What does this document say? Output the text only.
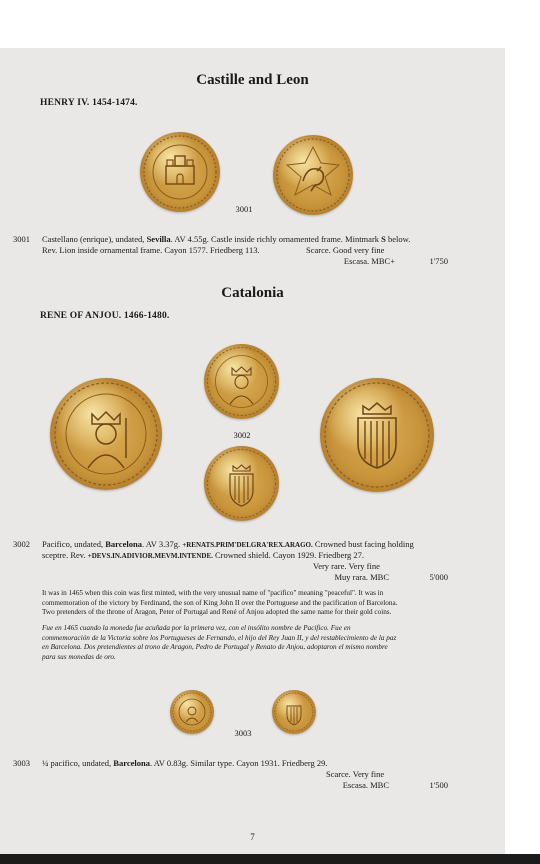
Castille and Leon
HENRY IV. 1454-1474.
3001
3001 Castellano (enrique), undated, Sevilla. AV 4.55g. Castle inside richly ornamented frame. Mintmark S below.
Rev. Lion inside ornamental frame. Cayon 1577. Friedberg 113.	Scarce. Good very fine
Escasa. MBC+	1'750
Catalonia
RENE OF ANJOU. 1466-1480.
3002
3002 Pacifico, undated, Barcelona. AV 3.37g. +RENATS.PRIM'DELGRA'REX.ARAGO. Crowned bust facing holding
sceptre. Rev. +DEVS.IN.ADIVIOR.MEVM.INTENDE. Crowned shield. Cayon 1929. Friedberg 27.
Very rare. Very fine
Muy rara. MBC	5'000
It was in 1465 when this coin was first minted, with the very unusual name of "pacifico" meaning "peaceful". It was in
commemoration of the victory by Ferdinand, the son of King John II over the Portuguese and the pacification of Barcelona.
Two pretenders of the throne of Aragon, Peter of Portugal and René of Anjou adopted the same name for their gold coins.
Fue en 1465 cuando la moneda fue acuñada por la primera vez, con el insólito nombre de Pacifico. Fue en
commemoración de la Victoria sobre los Portugueses de Fernando, el hijo del Rey Juan II, y del restablecimiento de la paz
en Barcelona. Dos pretendientes al trono de Aragon, Pedro de Portugal y Renato de Anjou, adoptaron el mismo nombre
para sus monedas de oro.
3003
3003 ¼ pacifico, undated, Barcelona. AV 0.83g. Similar type. Cayon 1931. Friedberg 29.
Scarce. Very fine
Escasa. MBC	1'500
7
